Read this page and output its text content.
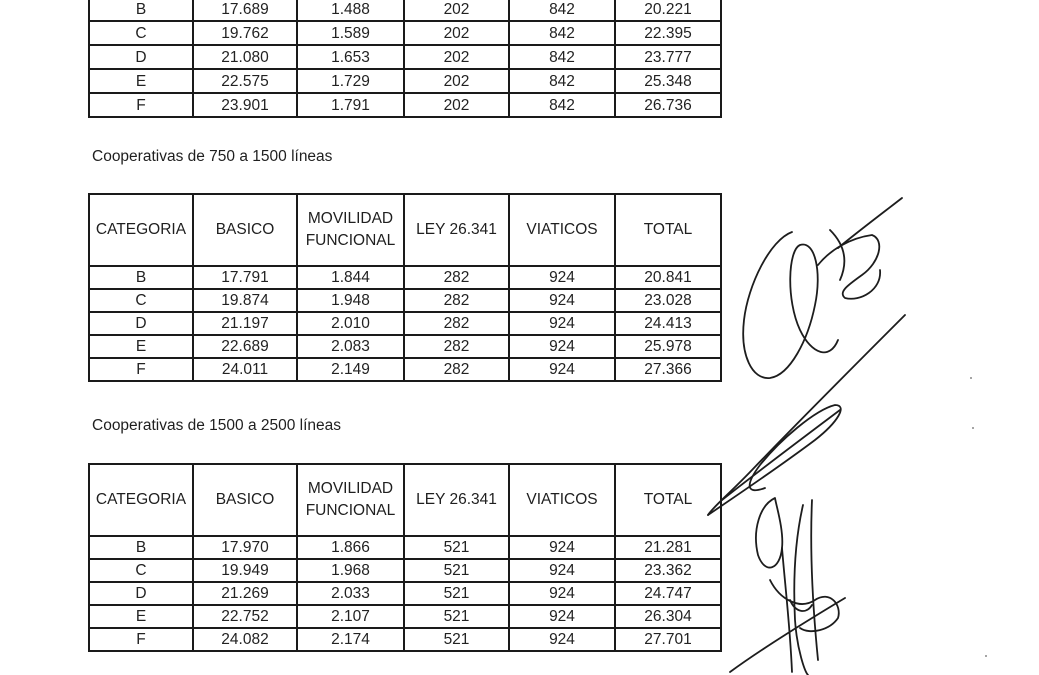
B	17.689	1.488	202	842	20.221
C	19.762	1.589	202	842	22.395
D	21.080	1.653	202	842	23.777
E	22.575	1.729	202	842	25.348
F	23.901	1.791	202	842	26.736
Cooperativas de 750 a 1500 líneas
CATEGORIA	BASICO	MOVILIDAD FUNCIONAL	LEY 26.341	VIATICOS	TOTAL
B	17.791	1.844	282	924	20.841
C	19.874	1.948	282	924	23.028
D	21.197	2.010	282	924	24.413
E	22.689	2.083	282	924	25.978
F	24.011	2.149	282	924	27.366
Cooperativas de 1500 a 2500 líneas
CATEGORIA	BASICO	MOVILIDAD FUNCIONAL	LEY 26.341	VIATICOS	TOTAL
B	17.970	1.866	521	924	21.281
C	19.949	1.968	521	924	23.362
D	21.269	2.033	521	924	24.747
E	22.752	2.107	521	924	26.304
F	24.082	2.174	521	924	27.701
